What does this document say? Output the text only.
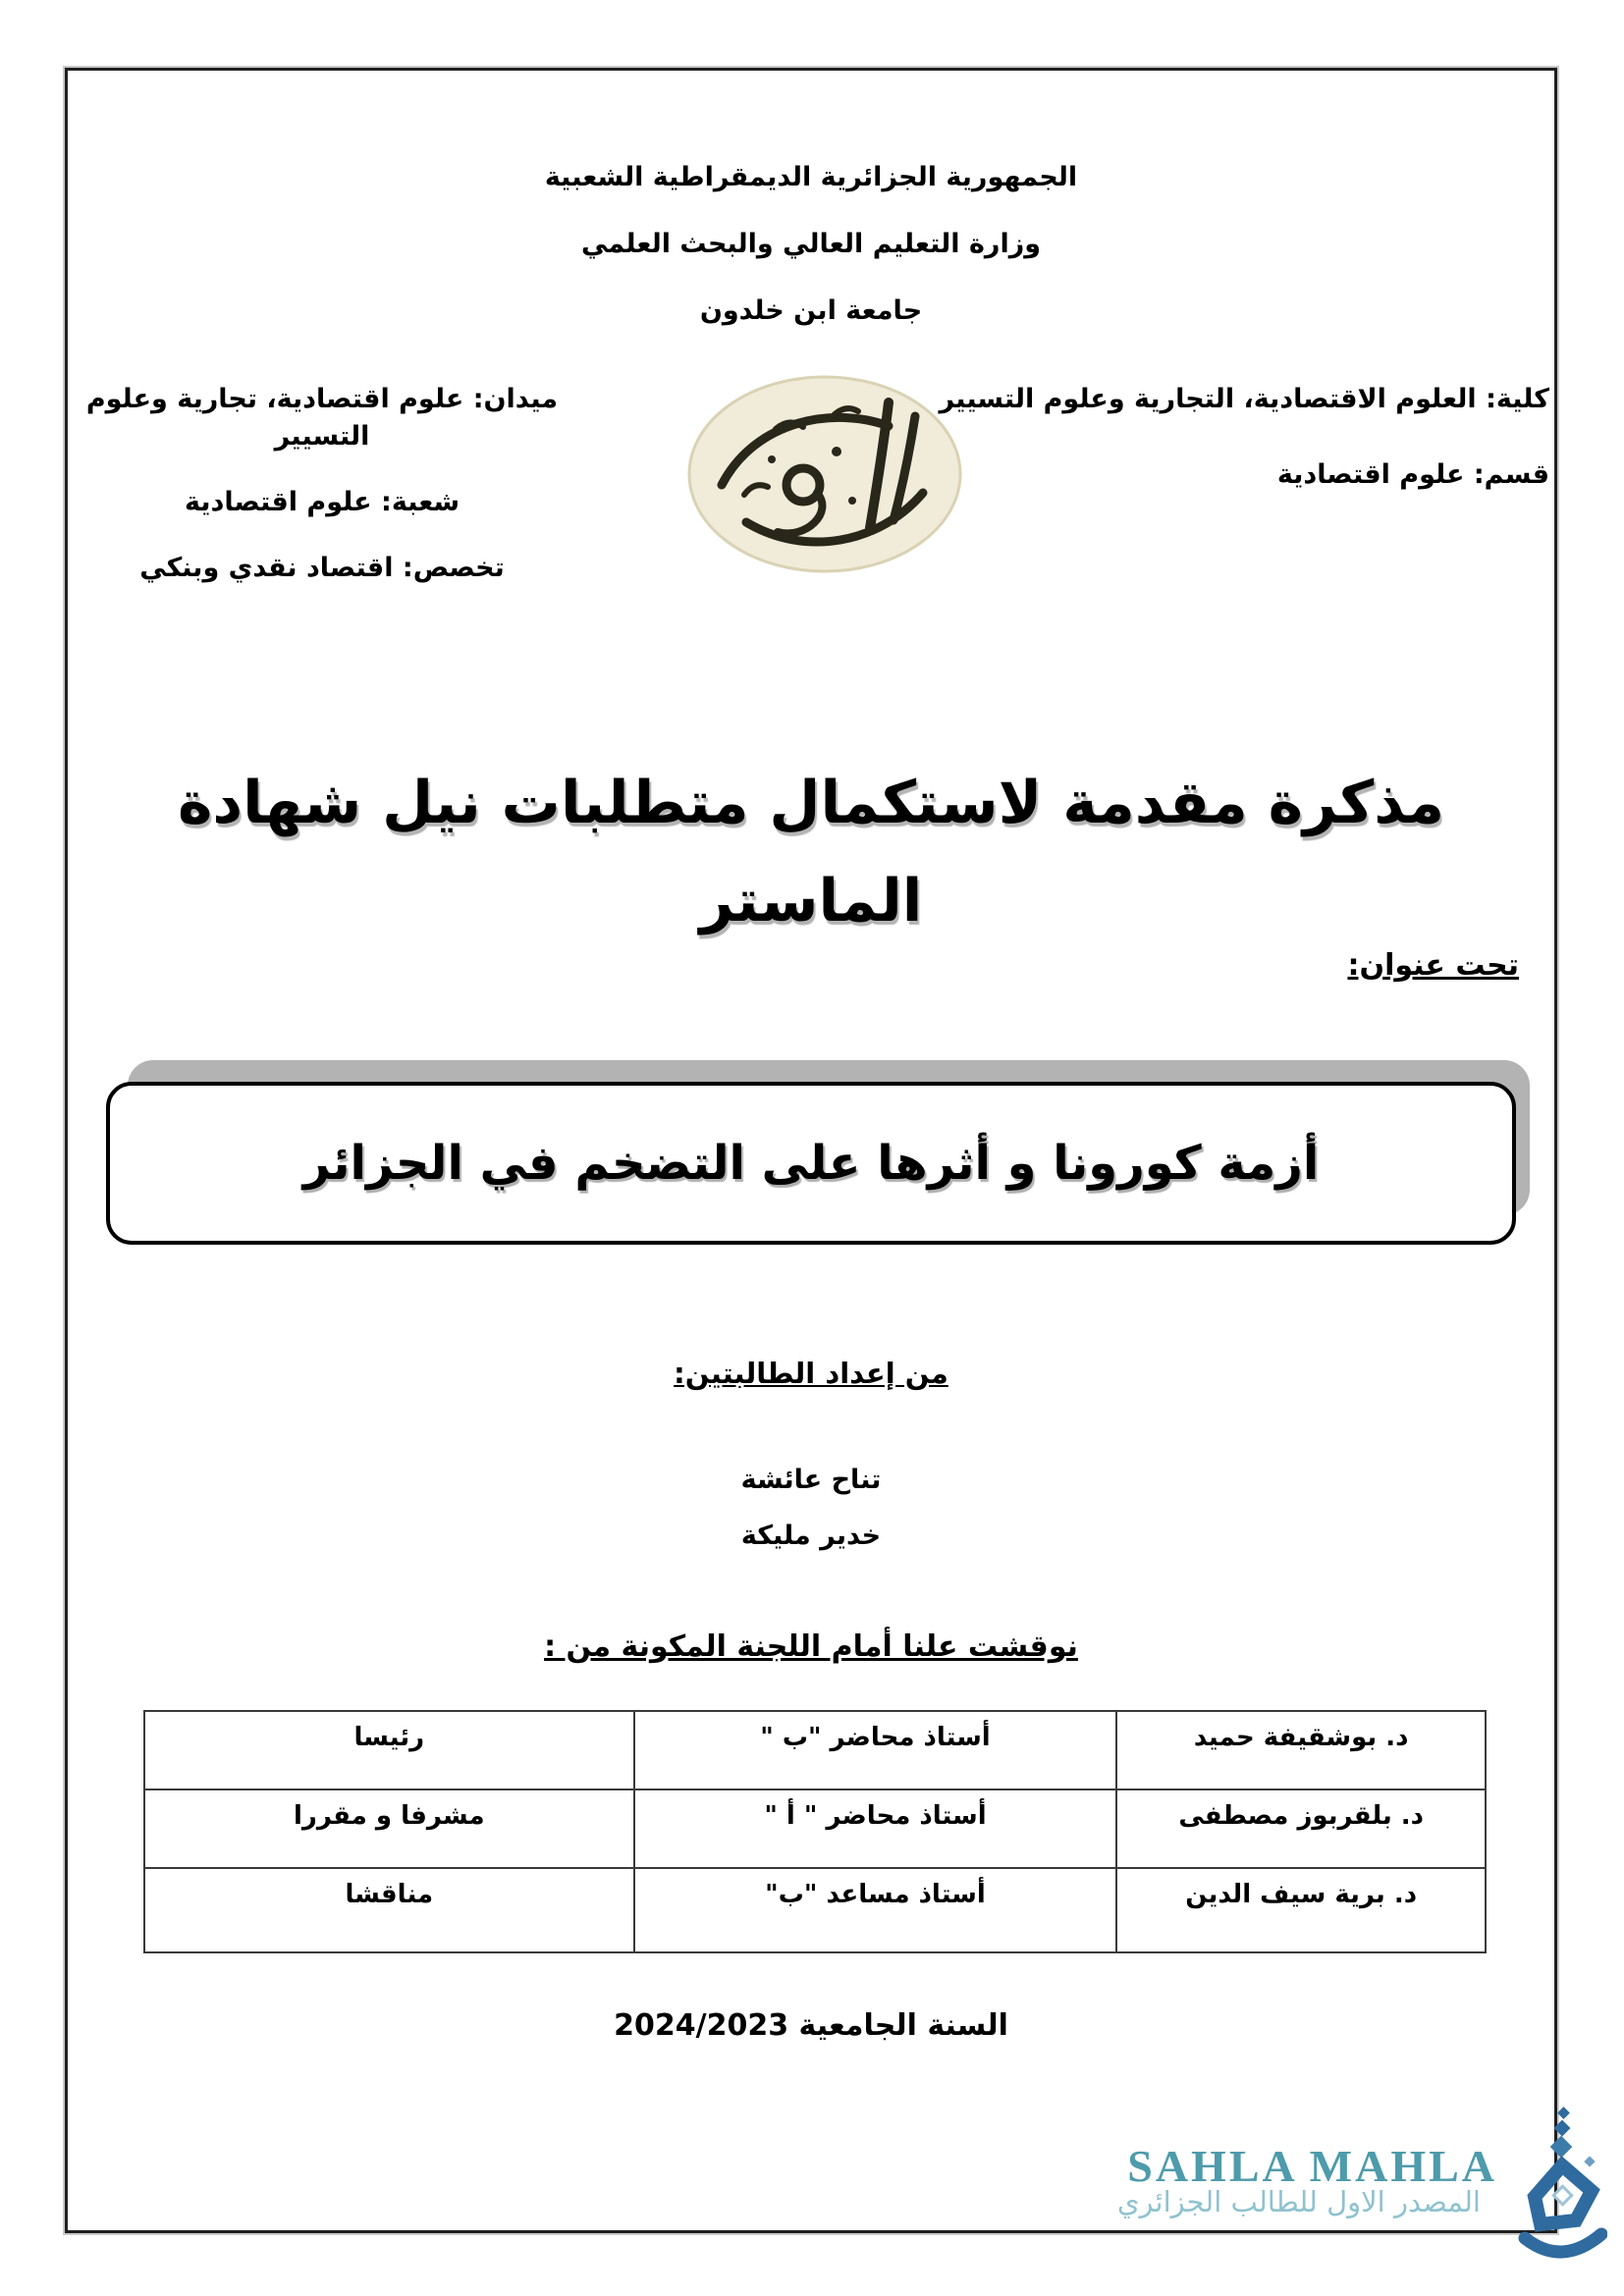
الجمهورية الجزائرية الديمقراطية الشعبية
وزارة التعليم العالي والبحث العلمي
جامعة ابن خلدون
كلية: العلوم الاقتصادية، التجارية وعلوم التسيير
قسم: علوم اقتصادية
ميدان: علوم اقتصادية، تجارية وعلوم التسيير
شعبة: علوم اقتصادية
تخصص: اقتصاد نقدي وبنكي
مذكرة مقدمة لاستكمال متطلبات نيل شهادة الماستر
تحت عنوان:
أزمة كورونا و أثرها على التضخم في الجزائر
من إعداد الطالبتين:
تناح عائشة
خدير مليكة
نوقشت علنا أمام اللجنة المكونة من :
د. بوشقيفة حميد	أستاذ محاضر "ب "	رئيسا
د. بلقربوز مصطفى	أستاذ محاضر " أ "	مشرفا و مقررا
د. برية سيف الدين	أستاذ مساعد "ب"	مناقشا
السنة الجامعية 2024/2023
SAHLA MAHLA
المصدر الاول للطالب الجزائري
